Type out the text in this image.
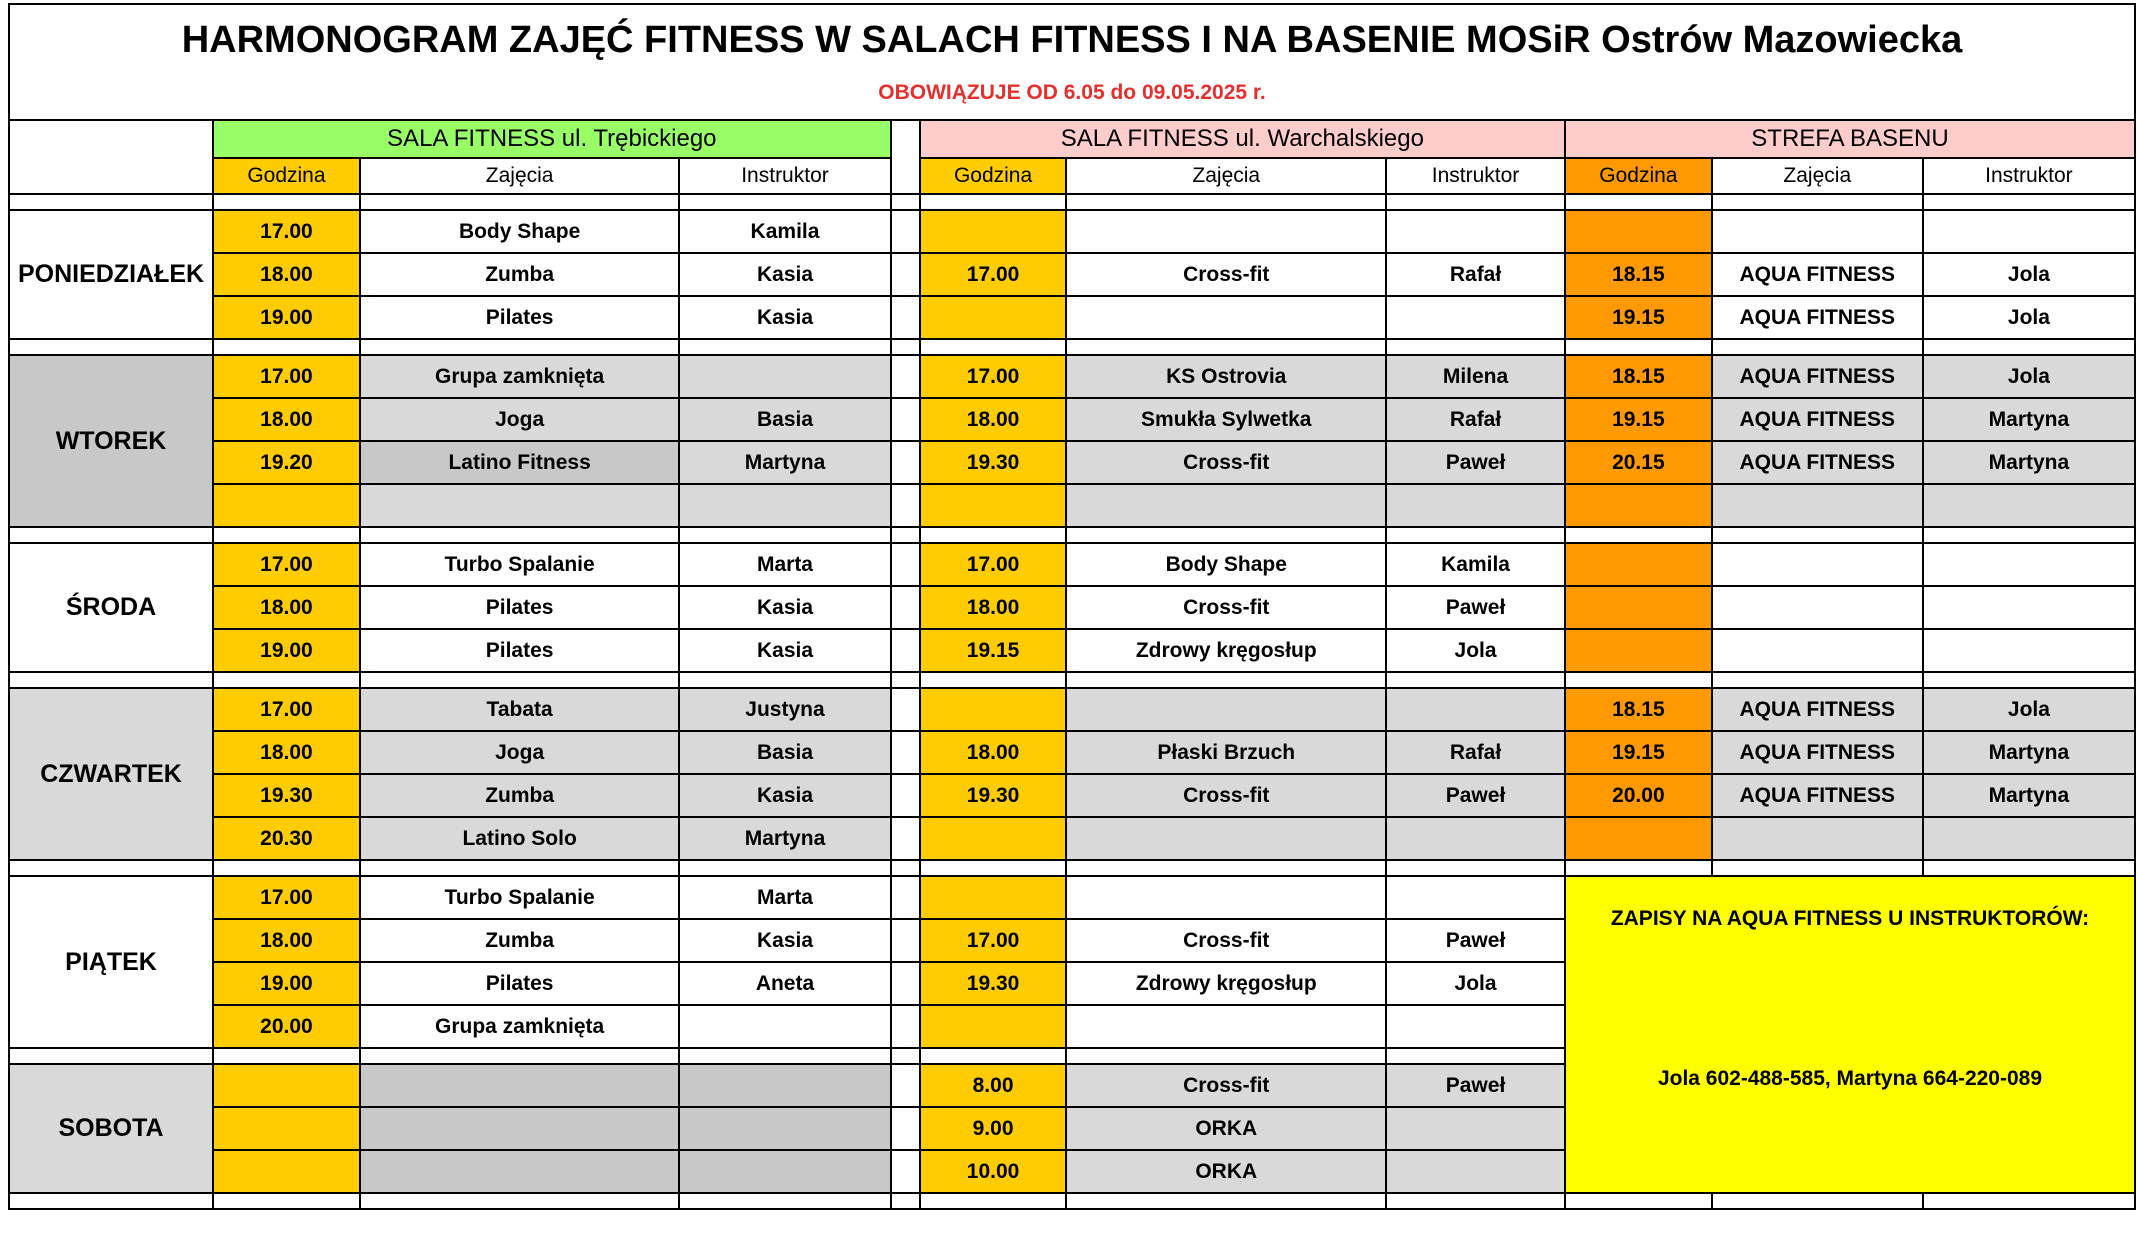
HARMONOGRAM ZAJĘĆ FITNESS W SALACH FITNESS I NA BASENIE MOSiR Ostrów Mazowiecka
OBOWIĄZUJE OD 6.05 do 09.05.2025 r.
	SALA FITNESS ul. Trębickiego				SALA FITNESS ul. Warchalskiego			STREFA BASENU		
	Godzina	Zajęcia	Instruktor		Godzina	Zajęcia	Instruktor	Godzina	Zajęcia	Instruktor

PONIEDZIAŁEK	17.00	Body Shape	Kamila							
	18.00	Zumba	Kasia		17.00	Cross-fit	Rafał	18.15	AQUA FITNESS	Jola
	19.00	Pilates	Kasia					19.15	AQUA FITNESS	Jola

WTOREK	17.00	Grupa zamknięta			17.00	KS Ostrovia	Milena	18.15	AQUA FITNESS	Jola
	18.00	Joga	Basia		18.00	Smukła Sylwetka	Rafał	19.15	AQUA FITNESS	Martyna
	19.20	Latino Fitness	Martyna		19.30	Cross-fit	Paweł	20.15	AQUA FITNESS	Martyna

ŚRODA	17.00	Turbo Spalanie	Marta		17.00	Body Shape	Kamila			
	18.00	Pilates	Kasia		18.00	Cross-fit	Paweł			
	19.00	Pilates	Kasia		19.15	Zdrowy kręgosłup	Jola			

CZWARTEK	17.00	Tabata	Justyna					18.15	AQUA FITNESS	Jola
	18.00	Joga	Basia		18.00	Płaski Brzuch	Rafał	19.15	AQUA FITNESS	Martyna
	19.30	Zumba	Kasia		19.30	Cross-fit	Paweł	20.00	AQUA FITNESS	Martyna
	20.30	Latino Solo	Martyna							

PIĄTEK	17.00	Turbo Spalanie	Marta					ZAPISY NA AQUA FITNESS U INSTRUKTORÓW:
Jola 602-488-585, Martyna 664-220-089		

	18.00	Zumba	Kasia		17.00	Cross-fit	Paweł			
	19.00	Pilates	Aneta		19.30	Zdrowy kręgosłup	Jola			
	20.00	Grupa zamknięta								

SOBOTA					8.00	Cross-fit	Paweł			
					9.00	ORKA				
					10.00	ORKA				
